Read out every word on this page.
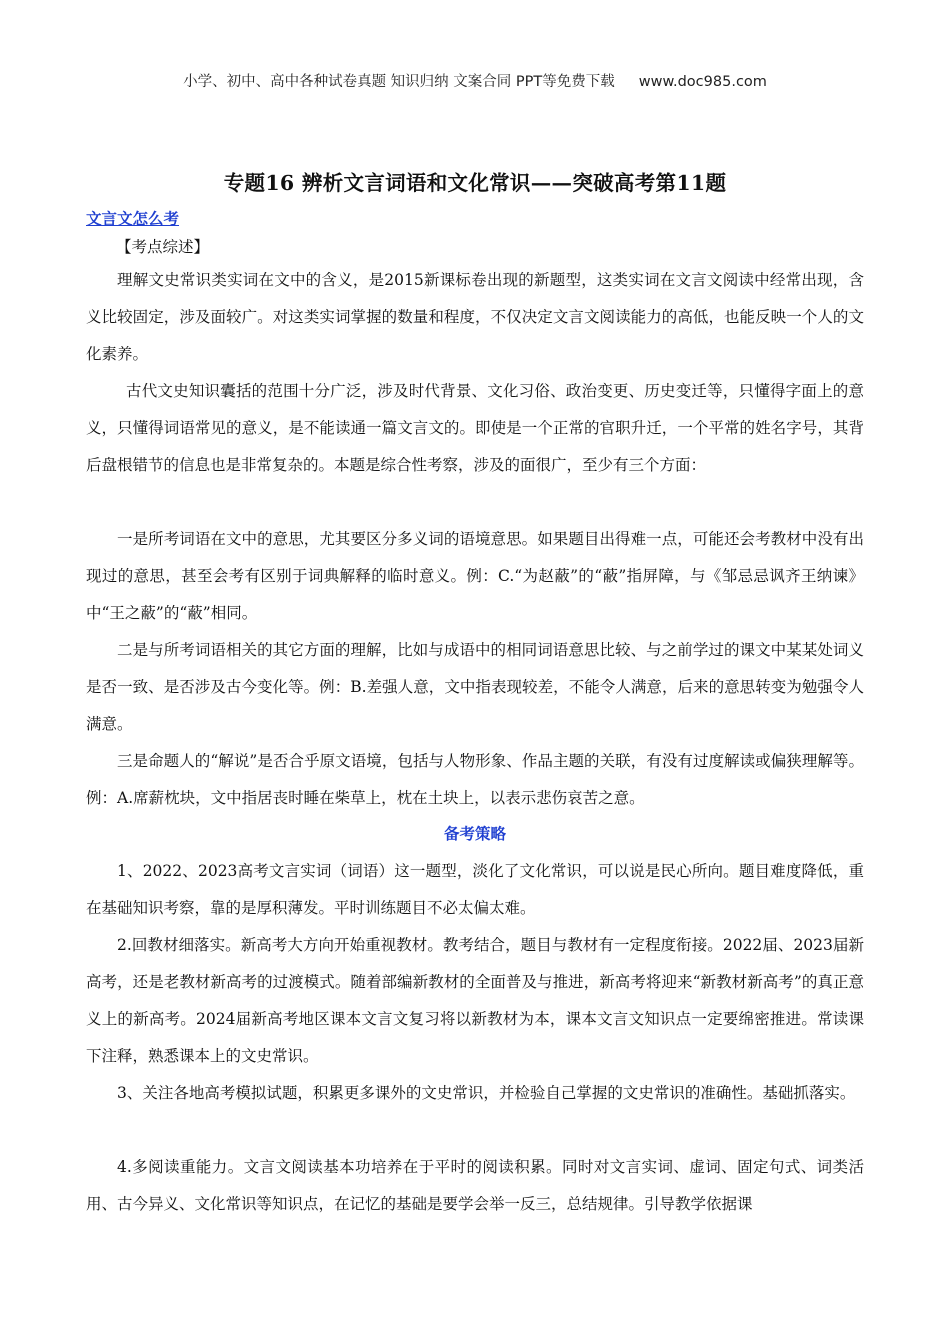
小学、初中、高中各种试卷真题 知识归纳 文案合同 PPT等免费下载 www.doc985.com
专题16 辨析文言词语和文化常识——突破高考第11题
文言文怎么考
【考点综述】
理解文史常识类实词在文中的含义，是2015新课标卷出现的新题型，这类实词在文言文阅读中经常出现，含义比较固定，涉及面较广。对这类实词掌握的数量和程度，不仅决定文言文阅读能力的高低，也能反映一个人的文化素养。
古代文史知识囊括的范围十分广泛，涉及时代背景、文化习俗、政治变更、历史变迁等，只懂得字面上的意义，只懂得词语常见的意义，是不能读通一篇文言文的。即使是一个正常的官职升迁，一个平常的姓名字号，其背后盘根错节的信息也是非常复杂的。本题是综合性考察，涉及的面很广，至少有三个方面：
一是所考词语在文中的意思，尤其要区分多义词的语境意思。如果题目出得难一点，可能还会考教材中没有出现过的意思，甚至会考有区别于词典解释的临时意义。例：C.“为赵蔽”的“蔽”指屏障，与《邹忌忌讽齐王纳谏》中“王之蔽”的“蔽”相同。
二是与所考词语相关的其它方面的理解，比如与成语中的相同词语意思比较、与之前学过的课文中某某处词义是否一致、是否涉及古今变化等。例：B.差强人意，文中指表现较差，不能令人满意，后来的意思转变为勉强令人满意。
三是命题人的“解说”是否合乎原文语境，包括与人物形象、作品主题的关联，有没有过度解读或偏狭理解等。例：A.席薪枕块，文中指居丧时睡在柴草上，枕在土块上，以表示悲伤哀苦之意。
备考策略
1、2022、2023高考文言实词（词语）这一题型，淡化了文化常识，可以说是民心所向。题目难度降低，重在基础知识考察，靠的是厚积薄发。平时训练题目不必太偏太难。
2.回教材细落实。新高考大方向开始重视教材。教考结合，题目与教材有一定程度衔接。2022届、2023届新高考，还是老教材新高考的过渡模式。随着部编新教材的全面普及与推进，新高考将迎来“新教材新高考”的真正意义上的新高考。2024届新高考地区课本文言文复习将以新教材为本，课本文言文知识点一定要绵密推进。常读课下注释，熟悉课本上的文史常识。
3、关注各地高考模拟试题，积累更多课外的文史常识，并检验自己掌握的文史常识的准确性。基础抓落实。
4.多阅读重能力。文言文阅读基本功培养在于平时的阅读积累。同时对文言实词、虚词、固定句式、词类活用、古今异义、文化常识等知识点，在记忆的基础是要学会举一反三，总结规律。引导教学依据课
